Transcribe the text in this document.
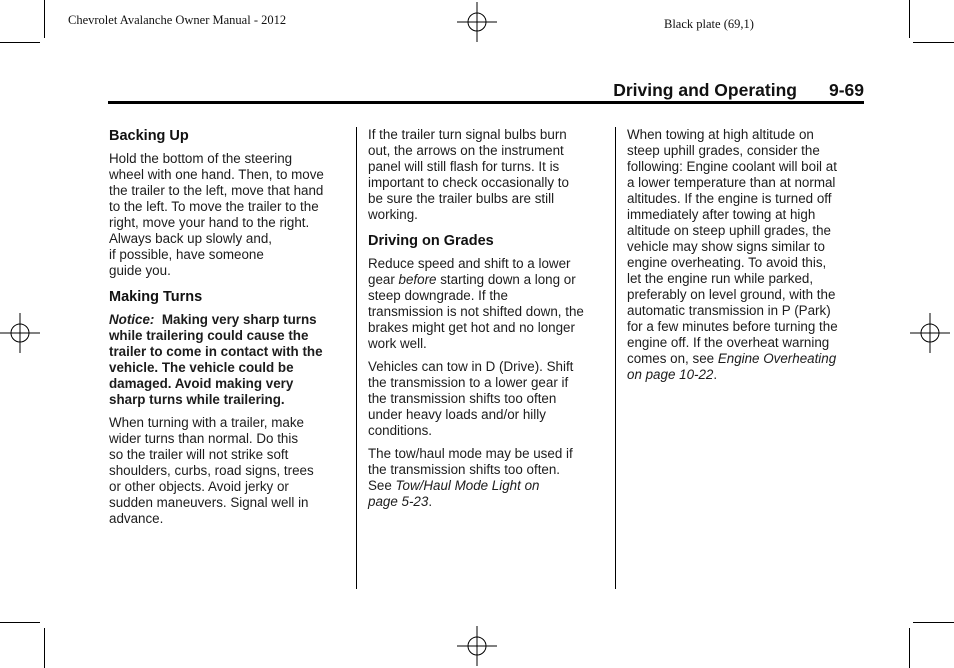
Chevrolet Avalanche Owner Manual - 2012	Black plate (69,1)
Driving and Operating 9-69
Backing Up

Hold the bottom of the steering
wheel with one hand. Then, to move
the trailer to the left, move that hand
to the left. To move the trailer to the
right, move your hand to the right.
Always back up slowly and,
if possible, have someone
guide you.

Making Turns

Notice: Making very sharp turns
while trailering could cause the
trailer to come in contact with the
vehicle. The vehicle could be
damaged. Avoid making very
sharp turns while trailering.

When turning with a trailer, make
wider turns than normal. Do this
so the trailer will not strike soft
shoulders, curbs, road signs, trees
or other objects. Avoid jerky or
sudden maneuvers. Signal well in
advance.

If the trailer turn signal bulbs burn
out, the arrows on the instrument
panel will still flash for turns. It is
important to check occasionally to
be sure the trailer bulbs are still
working.

Driving on Grades

Reduce speed and shift to a lower
gear before starting down a long or
steep downgrade. If the
transmission is not shifted down, the
brakes might get hot and no longer
work well.

Vehicles can tow in D (Drive). Shift
the transmission to a lower gear if
the transmission shifts too often
under heavy loads and/or hilly
conditions.

The tow/haul mode may be used if
the transmission shifts too often.
See Tow/Haul Mode Light on
page 5-23.

When towing at high altitude on
steep uphill grades, consider the
following: Engine coolant will boil at
a lower temperature than at normal
altitudes. If the engine is turned off
immediately after towing at high
altitude on steep uphill grades, the
vehicle may show signs similar to
engine overheating. To avoid this,
let the engine run while parked,
preferably on level ground, with the
automatic transmission in P (Park)
for a few minutes before turning the
engine off. If the overheat warning
comes on, see Engine Overheating
on page 10-22.
